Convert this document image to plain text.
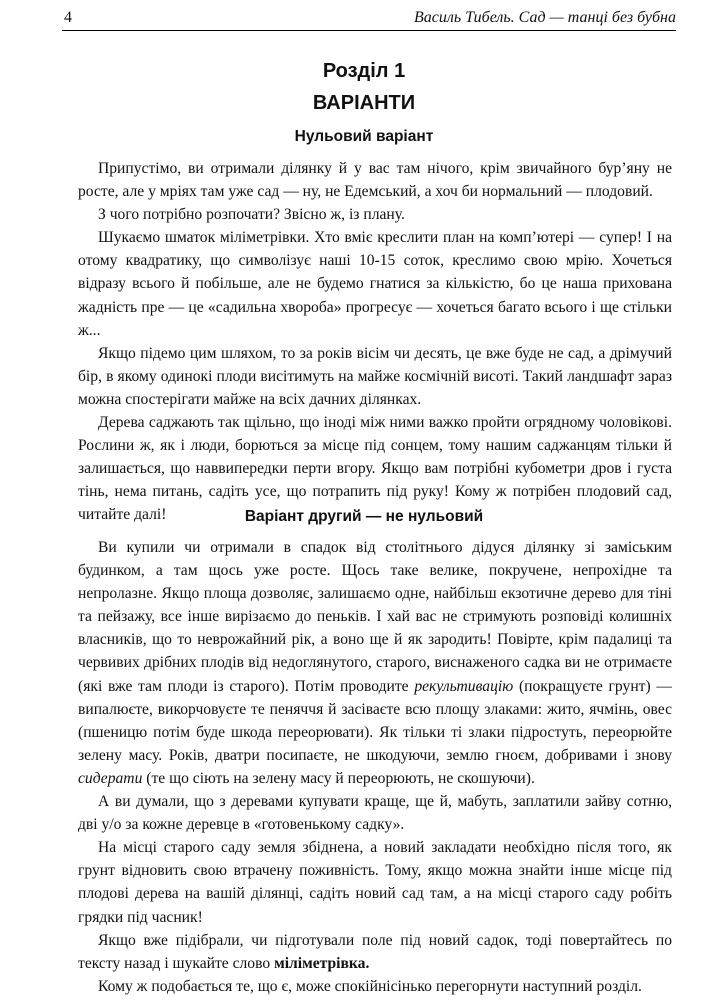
4	Василь Тибель. Сад — танці без бубна
Розділ 1
ВАРІАНТИ
Нульовий варіант

Припустімо, ви отримали ділянку й у вас там нічого, крім звичайного бур’яну не росте, але у мріях там уже сад — ну, не Едемський, а хоч би нормальний — плодовий.

З чого потрібно розпочати? Звісно ж, із плану.

Шукаємо шматок міліметрівки. Хто вміє креслити план на комп’ютері — супер! І на отому квадратику, що символізує наші 10-15 соток, креслимо свою мрію. Хочеться відразу всього й побільше, але не будемо гнатися за кількістю, бо це наша прихована жадність пре — це «садильна хвороба» прогресує — хочеться багато всього і ще стільки ж...

Якщо підемо цим шляхом, то за років вісім чи десять, це вже буде не сад, а дрімучий бір, в якому одинокі плоди висітимуть на майже космічній висоті. Такий ландшафт зараз можна спостерігати майже на всіх дачних ділянках.

Дерева саджають так щільно, що іноді між ними важко пройти огрядному чоловікові. Рослини ж, як і люди, борються за місце під сонцем, тому нашим саджанцям тільки й залишається, що наввипередки перти вгору. Якщо вам потрібні кубометри дров і густа тінь, нема питань, садіть усе, що потрапить під руку! Кому ж потрібен плодовий сад, читайте далі!	Варіант другий — не нульовий

Ви купили чи отримали в спадок від столітнього дідуся ділянку зі заміським будинком, а там щось уже росте. Щось таке велике, покручене, непрохідне та непролазне. Якщо площа дозволяє, залишаємо одне, найбільш екзотичне дерево для тіні та пейзажу, все інше вирізаємо до пеньків. І хай вас не стримують розповіді колишніх власників, що то неврожайний рік, а воно ще й як зародить! Повірте, крім падалиці та червивих дрібних плодів від недоглянутого, старого, виснаженого садка ви не отримаєте (які вже там плоди із старого). Потім проводите рекультивацію (покращуєте грунт) — випалюєте, викорчовуєте те пеняччя й засіваєте всю площу злаками: жито, ячмінь, овес (пшеницю потім буде шкода переорювати). Як тільки ті злаки підростуть, переорюйте зелену масу. Років, дватри посипаєте, не шкодуючи, землю гноєм, добривами і знову сидерати (те що сіють на зелену масу й переорюють, не скошуючи).

А ви думали, що з деревами купувати краще, ще й, мабуть, заплатили зайву сотню, дві у/о за кожне деревце в «готовенькому садку».

На місці старого саду земля збіднена, а новий закладати необхідно після того, як грунт відновить свою втрачену поживність. Тому, якщо можна знайти інше місце під плодові дерева на вашій ділянці, садіть новий сад там, а на місці старого саду робіть грядки під часник!

Якщо вже підібрали, чи підготували поле під новий садок, тоді повертайтесь по тексту назад і шукайте слово міліметрівка.

Кому ж подобається те, що є, може спокійнісінько перегорнути наступний розділ.
